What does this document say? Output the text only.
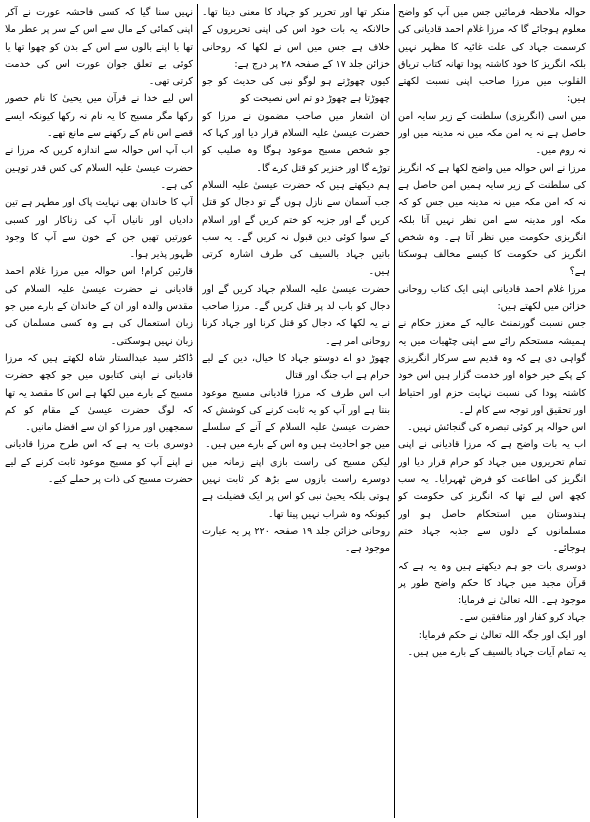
حوالہ ملاحظہ فرمائیں جس میں آپ کو واضح معلوم ہوجائے گا کہ مرزا غلام احمد قادیانی کی کرسمت جہاد کی علت غائیہ کا مظہر نہیں بلکہ انگریز کا خود کاشتہ پودا تھانہ کتاب تریاق القلوب میں مرزا صاحب اپنی نسبت لکھتے ہیں:

میں اسی (انگریزی) سلطنت کے زیر سایہ امن حاصل ہے نہ یہ امن مکہ میں نہ مدینہ میں اور نہ روم میں۔

مرزا نے اس حوالہ میں واضح لکھا ہے کہ انگریز کی سلطنت کے زیر سایہ ہمیں امن حاصل ہے نہ کہ امن مکہ میں نہ مدینہ میں جس کو کہ مکہ اور مدینہ سے امن نظر نہیں آتا بلکہ انگریزی حکومت میں نظر آتا ہے۔ وہ شخص انگریز کی حکومت کا کیسے مخالف ہوسکتا ہے؟

مرزا غلام احمد قادیانی اپنی ایک کتاب روحانی خزائن میں لکھتے ہیں:

جس نسبت گورنمنٹ عالیہ کے معزز حکام نے ہمیشہ مستحکم رائے سے اپنی چٹھیات میں یہ گواہی دی ہے کہ وہ قدیم سے سرکار انگریزی کے پکے خیر خواہ اور خدمت گزار ہیں اس خود کاشتہ پودا کی نسبت نہایت حزم اور احتیاط اور تحقیق اور توجہ سے کام لے۔

اس حوالہ پر کوئی تبصرہ کی گنجائش نہیں۔

اب یہ بات واضح ہے کہ مرزا قادیانی نے اپنی تمام تحریروں میں جہاد کو حرام قرار دیا اور انگریز کی اطاعت کو فرض ٹھہرایا۔ یہ سب کچھ اس لیے تھا کہ انگریز کی حکومت کو ہندوستان میں استحکام حاصل ہو اور مسلمانوں کے دلوں سے جذبہ جہاد ختم ہوجائے۔

دوسری بات جو ہم دیکھتے ہیں وہ یہ ہے کہ قرآن مجید میں جہاد کا حکم واضح طور پر موجود ہے۔ اللہ تعالیٰ نے فرمایا:

جہاد کرو کفار اور منافقین سے۔

اور ایک اور جگہ اللہ تعالیٰ نے حکم فرمایا:

یہ تمام آیات جہاد بالسیف کے بارے میں ہیں۔

منکر تھا اور تحریر کو جہاد کا معنی دیتا تھا۔ حالانکہ یہ بات خود اس کی اپنی تحریروں کے خلاف ہے جس میں اس نے لکھا کہ روحانی خزائن جلد ۱۷ کے صفحہ ۲۸ پر درج ہے:

کیوں چھوڑتے ہو لوگو نبی کی حدیث کو جو چھوڑتا ہے چھوڑ دو تم اس نصیحت کو

ان اشعار میں صاحب مضمون نے مرزا کو حضرت عیسیٰ علیہ السلام قرار دیا اور کہا کہ جو شخص مسیح موعود ہوگا وہ صلیب کو توڑے گا اور خنزیر کو قتل کرے گا۔

ہم دیکھتے ہیں کہ حضرت عیسیٰ علیہ السلام جب آسمان سے نازل ہوں گے تو دجال کو قتل کریں گے اور جزیہ کو ختم کریں گے اور اسلام کے سوا کوئی دین قبول نہ کریں گے۔ یہ سب باتیں جہاد بالسیف کی طرف اشارہ کرتی ہیں۔

حضرت عیسیٰ علیہ السلام جہاد کریں گے اور دجال کو باب لد پر قتل کریں گے۔ مرزا صاحب نے یہ لکھا کہ دجال کو قتل کرنا اور جہاد کرنا روحانی امر ہے۔

چھوڑ دو اے دوستو جہاد کا خیال، دین کے لیے حرام ہے اب جنگ اور قتال

اب اس طرف کہ مرزا قادیانی مسیح موعود بنتا ہے اور آپ کو یہ ثابت کرنے کی کوشش کہ حضرت عیسیٰ علیہ السلام کے آنے کے سلسلے میں جو احادیث ہیں وہ اس کے بارے میں ہیں۔

لیکن مسیح کی راست بازی اپنے زمانہ میں دوسرے راست بازوں سے بڑھ کر ثابت نہیں ہوتی بلکہ یحییٰ نبی کو اس پر ایک فضیلت ہے کیونکہ وہ شراب نہیں پیتا تھا۔

روحانی خزائن جلد ۱۹ صفحہ ۲۲۰ پر یہ عبارت موجود ہے۔

نہیں سنا گیا کہ کسی فاحشہ عورت نے آکر اپنی کمائی کے مال سے اس کے سر پر عطر ملا تھا یا اپنے بالوں سے اس کے بدن کو چھوا تھا یا کوئی بے تعلق جوان عورت اس کی خدمت کرتی تھی۔

اس لیے خدا نے قرآن میں یحییٰ کا نام حصور رکھا مگر مسیح کا یہ نام نہ رکھا کیونکہ ایسے قصے اس نام کے رکھنے سے مانع تھے۔

اب آپ اس حوالہ سے اندازہ کریں کہ مرزا نے حضرت عیسیٰ علیہ السلام کی کس قدر توہین کی ہے۔

آپ کا خاندان بھی نہایت پاک اور مطہر ہے تین دادیاں اور نانیاں آپ کی زناکار اور کسبی عورتیں تھیں جن کے خون سے آپ کا وجود ظہور پذیر ہوا۔

قارئین کرام! اس حوالہ میں مرزا غلام احمد قادیانی نے حضرت عیسیٰ علیہ السلام کی مقدس والدہ اور ان کے خاندان کے بارے میں جو زبان استعمال کی ہے وہ کسی مسلمان کی زبان نہیں ہوسکتی۔

ڈاکٹر سید عبدالستار شاہ لکھتے ہیں کہ مرزا قادیانی نے اپنی کتابوں میں جو کچھ حضرت مسیح کے بارے میں لکھا ہے اس کا مقصد یہ تھا کہ لوگ حضرت عیسیٰ کے مقام کو کم سمجھیں اور مرزا کو ان سے افضل مانیں۔

دوسری بات یہ ہے کہ اس طرح مرزا قادیانی نے اپنے آپ کو مسیح موعود ثابت کرنے کے لیے حضرت مسیح کی ذات پر حملے کیے۔
